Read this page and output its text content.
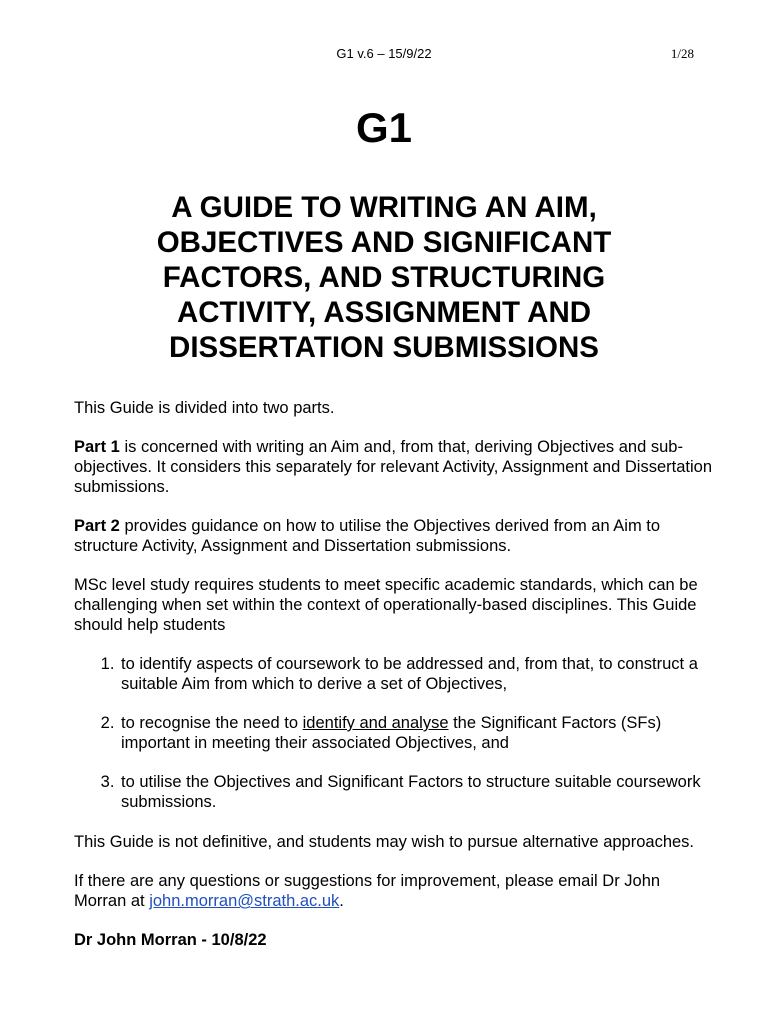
G1 v.6 – 15/9/22	1/28
G1
A GUIDE TO WRITING AN AIM,
OBJECTIVES AND SIGNIFICANT
FACTORS, AND STRUCTURING
ACTIVITY, ASSIGNMENT AND
DISSERTATION SUBMISSIONS

This Guide is divided into two parts.

Part 1 is concerned with writing an Aim and, from that, deriving Objectives and sub-objectives. It considers this separately for relevant Activity, Assignment and Dissertation submissions.

Part 2 provides guidance on how to utilise the Objectives derived from an Aim to structure Activity, Assignment and Dissertation submissions.

MSc level study requires students to meet specific academic standards, which can be challenging when set within the context of operationally-based disciplines. This Guide should help students

1. to identify aspects of coursework to be addressed and, from that, to construct a suitable Aim from which to derive a set of Objectives,
2. to recognise the need to identify and analyse the Significant Factors (SFs) important in meeting their associated Objectives, and
3. to utilise the Objectives and Significant Factors to structure suitable coursework submissions.

This Guide is not definitive, and students may wish to pursue alternative approaches.

If there are any questions or suggestions for improvement, please email Dr John Morran at john.morran@strath.ac.uk.

Dr John Morran - 10/8/22
